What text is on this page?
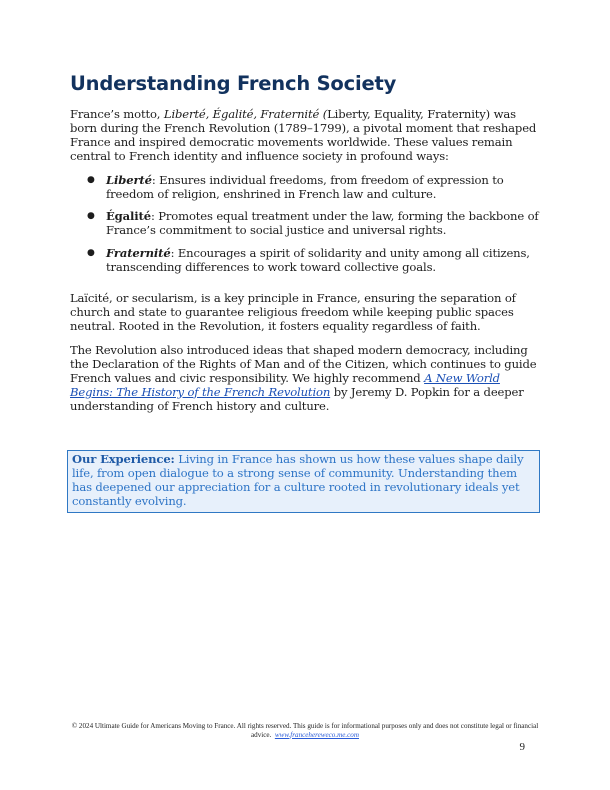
Understanding French Society

France’s motto, Liberté, Égalité, Fraternité (Liberty, Equality, Fraternity) was born during the French Revolution (1789–1799), a pivotal moment that reshaped France and inspired democratic movements worldwide. These values remain central to French identity and influence society in profound ways:

● Liberté: Ensures individual freedoms, from freedom of expression to freedom of religion, enshrined in French law and culture.
● Égalité: Promotes equal treatment under the law, forming the backbone of France’s commitment to social justice and universal rights.
● Fraternité: Encourages a spirit of solidarity and unity among all citizens, transcending differences to work toward collective goals.

Laïcité, or secularism, is a key principle in France, ensuring the separation of church and state to guarantee religious freedom while keeping public spaces neutral. Rooted in the Revolution, it fosters equality regardless of faith.

The Revolution also introduced ideas that shaped modern democracy, including the Declaration of the Rights of Man and of the Citizen, which continues to guide French values and civic responsibility. We highly recommend A New World Begins: The History of the French Revolution by Jeremy D. Popkin for a deeper understanding of French history and culture.

Our Experience: Living in France has shown us how these values shape daily life, from open dialogue to a strong sense of community. Understanding them has deepened our appreciation for a culture rooted in revolutionary ideals yet constantly evolving.
© 2024 Ultimate Guide for Americans Moving to France. All rights reserved. This guide is for informational purposes only and does not constitute legal or financial advice. www.francehereweco.me.com
9
